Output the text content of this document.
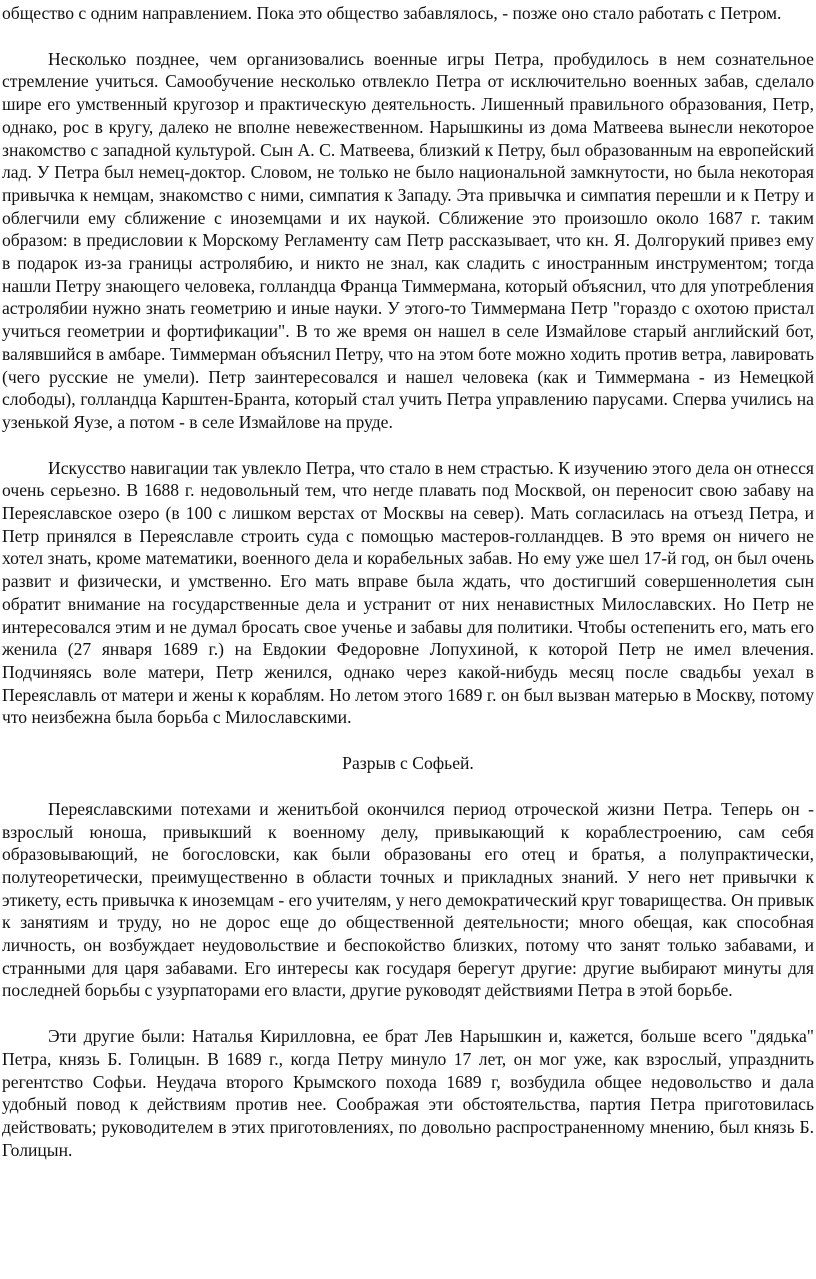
общество с одним направлением. Пока это общество забавлялось, - позже оно стало работать с Петром.

Несколько позднее, чем организовались военные игры Петра, пробудилось в нем сознательное стремление учиться. Самообучение несколько отвлекло Петра от исключительно военных забав, сделало шире его умственный кругозор и практическую деятельность. Лишенный правильного образования, Петр, однако, рос в кругу, далеко не вполне невежественном. Нарышкины из дома Матвеева вынесли некоторое знакомство с западной культурой. Сын А. С. Матвеева, близкий к Петру, был образованным на европейский лад. У Петра был немец-доктор. Словом, не только не было национальной замкнутости, но была некоторая привычка к немцам, знакомство с ними, симпатия к Западу. Эта привычка и симпатия перешли и к Петру и облегчили ему сближение с иноземцами и их наукой. Сближение это произошло около 1687 г. таким образом: в предисловии к Морскому Регламенту сам Петр рассказывает, что кн. Я. Долгорукий привез ему в подарок из-за границы астролябию, и никто не знал, как сладить с иностранным инструментом; тогда нашли Петру знающего человека, голландца Франца Тиммермана, который объяснил, что для употребления астролябии нужно знать геометрию и иные науки. У этого-то Тиммермана Петр "гораздо с охотою пристал учиться геометрии и фортификации". В то же время он нашел в селе Измайлове старый английский бот, валявшийся в амбаре. Тиммерман объяснил Петру, что на этом боте можно ходить против ветра, лавировать (чего русские не умели). Петр заинтересовался и нашел человека (как и Тиммермана - из Немецкой слободы), голландца Карштен-Бранта, который стал учить Петра управлению парусами. Сперва учились на узенькой Яузе, а потом - в селе Измайлове на пруде.

Искусство навигации так увлекло Петра, что стало в нем страстью. К изучению этого дела он отнесся очень серьезно. В 1688 г. недовольный тем, что негде плавать под Москвой, он переносит свою забаву на Переяславское озеро (в 100 с лишком верстах от Москвы на север). Мать согласилась на отъезд Петра, и Петр принялся в Переяславле строить суда с помощью мастеров-голландцев. В это время он ничего не хотел знать, кроме математики, военного дела и корабельных забав. Но ему уже шел 17-й год, он был очень развит и физически, и умственно. Его мать вправе была ждать, что достигший совершеннолетия сын обратит внимание на государственные дела и устранит от них ненавистных Милославских. Но Петр не интересовался этим и не думал бросать свое ученье и забавы для политики. Чтобы остепенить его, мать его женила (27 января 1689 г.) на Евдокии Федоровне Лопухиной, к которой Петр не имел влечения. Подчиняясь воле матери, Петр женился, однако через какой-нибудь месяц после свадьбы уехал в Переяславль от матери и жены к кораблям. Но летом этого 1689 г. он был вызван матерью в Москву, потому что неизбежна была борьба с Милославскими.

Разрыв с Софьей.

Переяславскими потехами и женитьбой окончился период отроческой жизни Петра. Теперь он - взрослый юноша, привыкший к военному делу, привыкающий к кораблестроению, сам себя образовывающий, не богословски, как были образованы его отец и братья, а полупрактически, полутеоретически, преимущественно в области точных и прикладных знаний. У него нет привычки к этикету, есть привычка к иноземцам - его учителям, у него демократический круг товарищества. Он привык к занятиям и труду, но не дорос еще до общественной деятельности; много обещая, как способная личность, он возбуждает неудовольствие и беспокойство близких, потому что занят только забавами, и странными для царя забавами. Его интересы как государя берегут другие: другие выбирают минуты для последней борьбы с узурпаторами его власти, другие руководят действиями Петра в этой борьбе.

Эти другие были: Наталья Кирилловна, ее брат Лев Нарышкин и, кажется, больше всего "дядька" Петра, князь Б. Голицын. В 1689 г., когда Петру минуло 17 лет, он мог уже, как взрослый, упразднить регентство Софьи. Неудача второго Крымского похода 1689 г, возбудила общее недовольство и дала удобный повод к действиям против нее. Соображая эти обстоятельства, партия Петра приготовилась действовать; руководителем в этих приготовлениях, по довольно распространенному мнению, был князь Б. Голицын.
